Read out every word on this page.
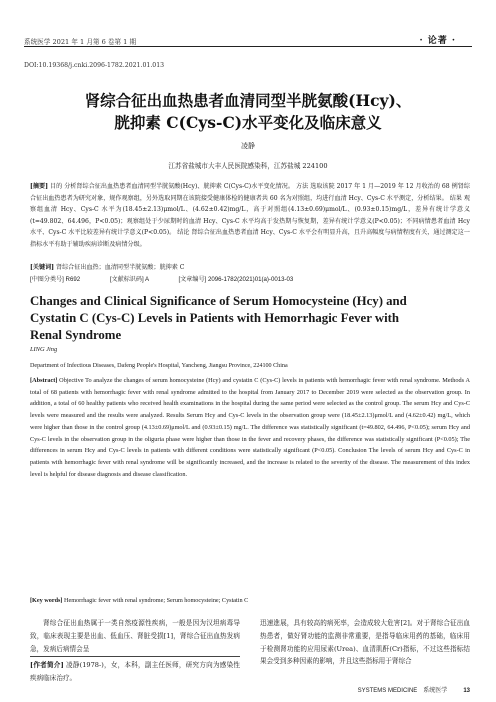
系统医学 2021 年 1 月第 6 卷第 1 期	· 论著 ·
DOI:10.19368/j.cnki.2096-1782.2021.01.013
肾综合征出血热患者血清同型半胱氨酸(Hcy)、
胱抑素 C(Cys-C)水平变化及临床意义
凌静
江苏省盐城市大丰人民医院感染科，江苏盐城 224100
[摘要] 目的 分析肾综合征出血热患者血清同型半胱氨酸(Hcy)、胱抑素 C(Cys-C)水平变化情况。 方法 选取该院 2017 年 1 月—2019 年 12 月收治的 68 例肾综合征出血热患者为研究对象，规作观察组，另外选取同期在该院接受健康体检的健康者共 60 名为对照组，均进行血清 Hcy、Cys-C 水平测定，分析结果。 结果 观察组血清 Hcy、Cys-C 水平为(18.45±2.13)μmol/L、(4.62±0.42)mg/L，高于对照组(4.13±0.69)μmol/L、(0.93±0.15)mg/L，差异有统计学意义(t=49.802、64.496，P<0.05)；观察组处于少尿期时的血清 Hcy、Cys-C 水平均高于发热期与恢复期，差异有统计学意义(P<0.05)；不同病情患者血清 Hcy 水平、Cys-C 水平比较差异有统计学意义(P<0.05)。 结论 肾综合征出血热患者血清 Hcy、Cys-C 水平会有明显升高，且升高幅度与病情程度有关，通过测定这一指标水平有助于辅助疾病诊断及病情分级。
[关键词] 肾综合征出血热；血清同型半胱氨酸；胱抑素 C
[中图分类号] R692	[文献标识码] A	[文章编号] 2096-1782(2021)01(a)-0013-03
Changes and Clinical Significance of Serum Homocysteine (Hcy) and
Cystatin C (Cys-C) Levels in Patients with Hemorrhagic Fever with
Renal Syndrome
LING Jing
Department of Infectious Diseases, Dafeng People's Hospital, Yancheng, Jiangsu Province, 224100 China
[Abstract] Objective To analyze the changes of serum homocysteine (Hcy) and cystatin C (Cys-C) levels in patients with hemorrhagic fever with renal syndrome. Methods A total of 68 patients with hemorrhagic fever with renal syndrome admitted to the hospital from January 2017 to December 2019 were selected as the observation group. In addition, a total of 60 healthy patients who received health examinations in the hospital during the same period were selected as the control group. The serum Hcy and Cys-C levels were measured and the results were analyzed. Results Serum Hcy and Cys-C levels in the observation group were (18.45±2.13)μmol/L and (4.62±0.42) mg/L, which were higher than those in the control group (4.13±0.69)μmol/L and (0.93±0.15) mg/L. The difference was statistically significant (t=49.802, 64.496, P<0.05); serum Hcy and Cys-C levels in the observation group in the oliguria phase were higher than those in the fever and recovery phases, the difference was statistically significant (P<0.05); The differences in serum Hcy and Cys-C levels in patients with different conditions were statistically significant (P<0.05). Conclusion The levels of serum Hcy and Cys-C in patients with hemorrhagic fever with renal syndrome will be significantly increased, and the increase is related to the severity of the disease. The measurement of this index level is helpful for disease diagnosis and disease classification.
[Key words] Hemorrhagic fever with renal syndrome; Serum homocysteine; Cystatin C
肾综合征出血热属于一类自然疫源性疾病，一般是因为汉坦病毒导致，临床表现主要是出血、低血压、肾脏受损[1]，肾综合征出血热发病急，发病后病情会呈
[作者简介] 凌静(1978-)，女，本科，副主任医师，研究方向为感染性疾病临床治疗。
迅速進展，具有较高的病死率，会造成较大危害[2]。对于肾综合征出血热患者，做好肾功能的监测非常重要，是指导临床用药的基础，临床用于检测肾功能的应用尿素(Urea)、血清肌酐(Cr)指标，不过这些指标结果会受到多种因素的影响，并且这些指标用于肾综合
SYSTEMS MEDICINE 系统医学	13
